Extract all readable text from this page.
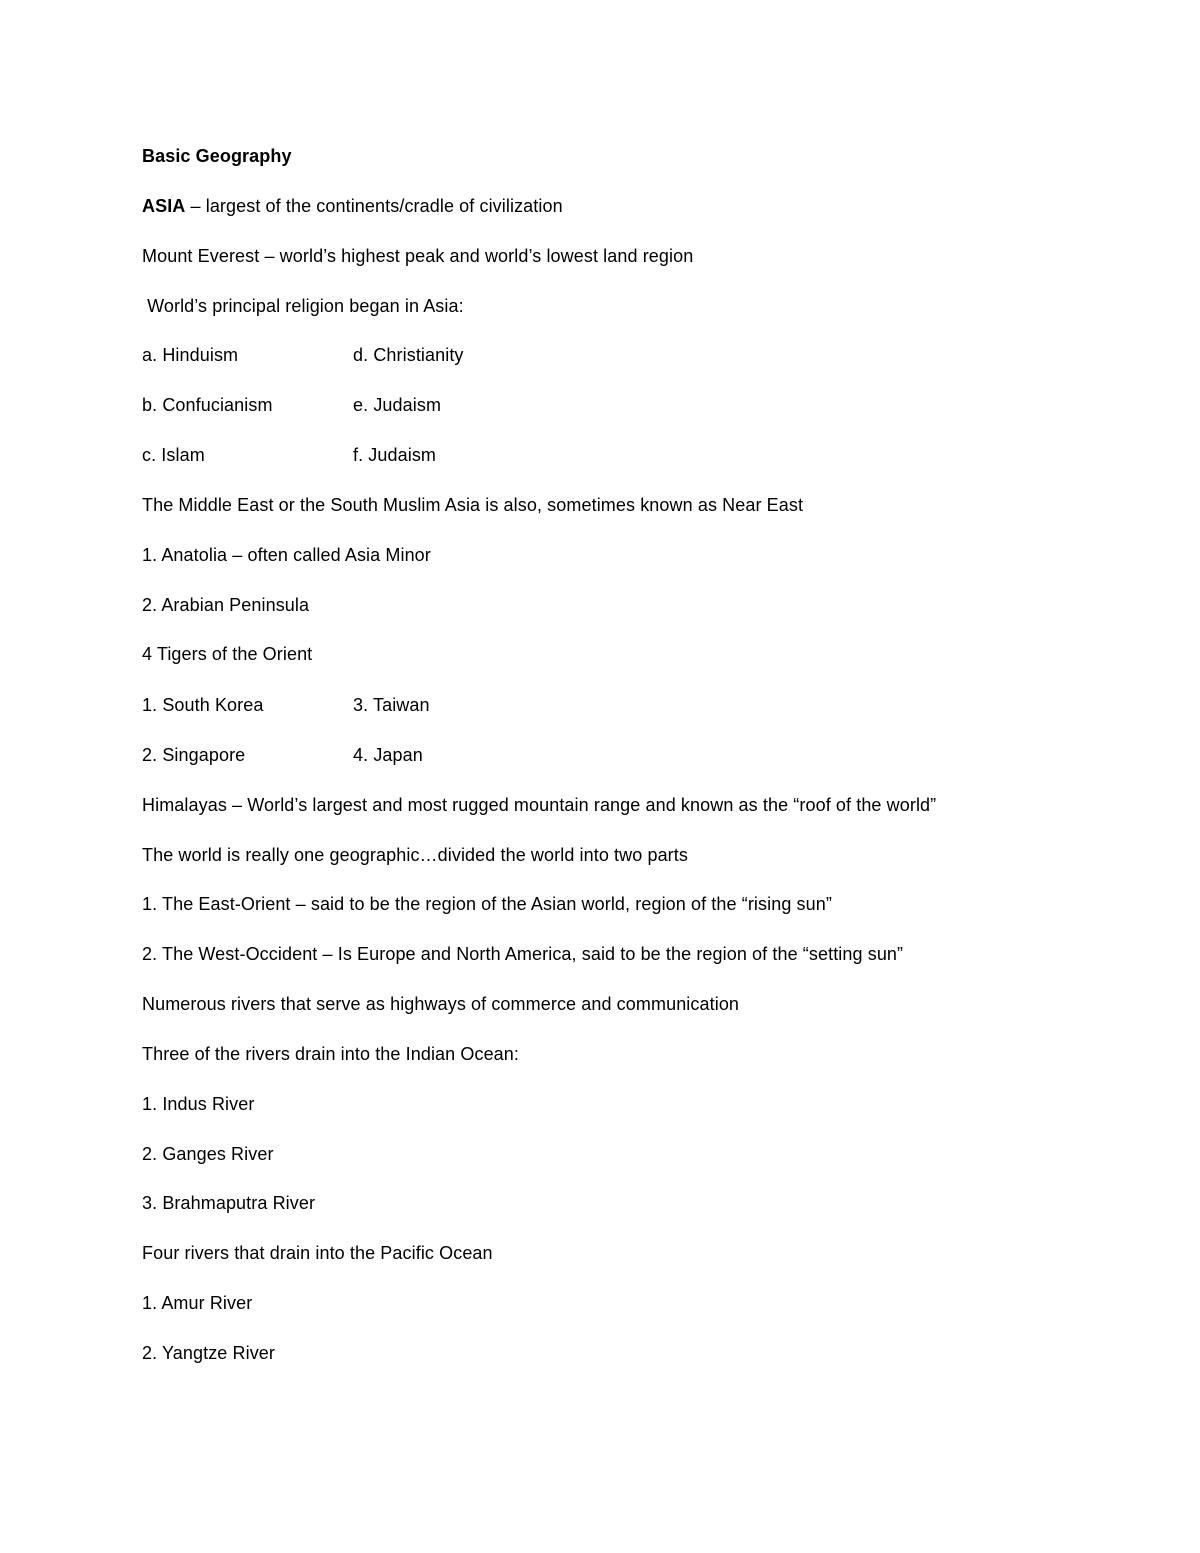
Basic Geography
ASIA – largest of the continents/cradle of civilization
Mount Everest – world’s highest peak and world’s lowest land region
World’s principal religion began in Asia:
a. Hinduism	d. Christianity
b. Confucianism	e. Judaism
c. Islam	f. Judaism
The Middle East or the South Muslim Asia is also, sometimes known as Near East
1. Anatolia – often called Asia Minor
2. Arabian Peninsula
4 Tigers of the Orient
1. South Korea	3. Taiwan
2. Singapore	4. Japan
Himalayas – World’s largest and most rugged mountain range and known as the “roof of the world”
The world is really one geographic…divided the world into two parts
1. The East-Orient – said to be the region of the Asian world, region of the “rising sun”
2. The West-Occident – Is Europe and North America, said to be the region of the “setting sun”
Numerous rivers that serve as highways of commerce and communication
Three of the rivers drain into the Indian Ocean:
1. Indus River
2. Ganges River
3. Brahmaputra River
Four rivers that drain into the Pacific Ocean
1. Amur River
2. Yangtze River
